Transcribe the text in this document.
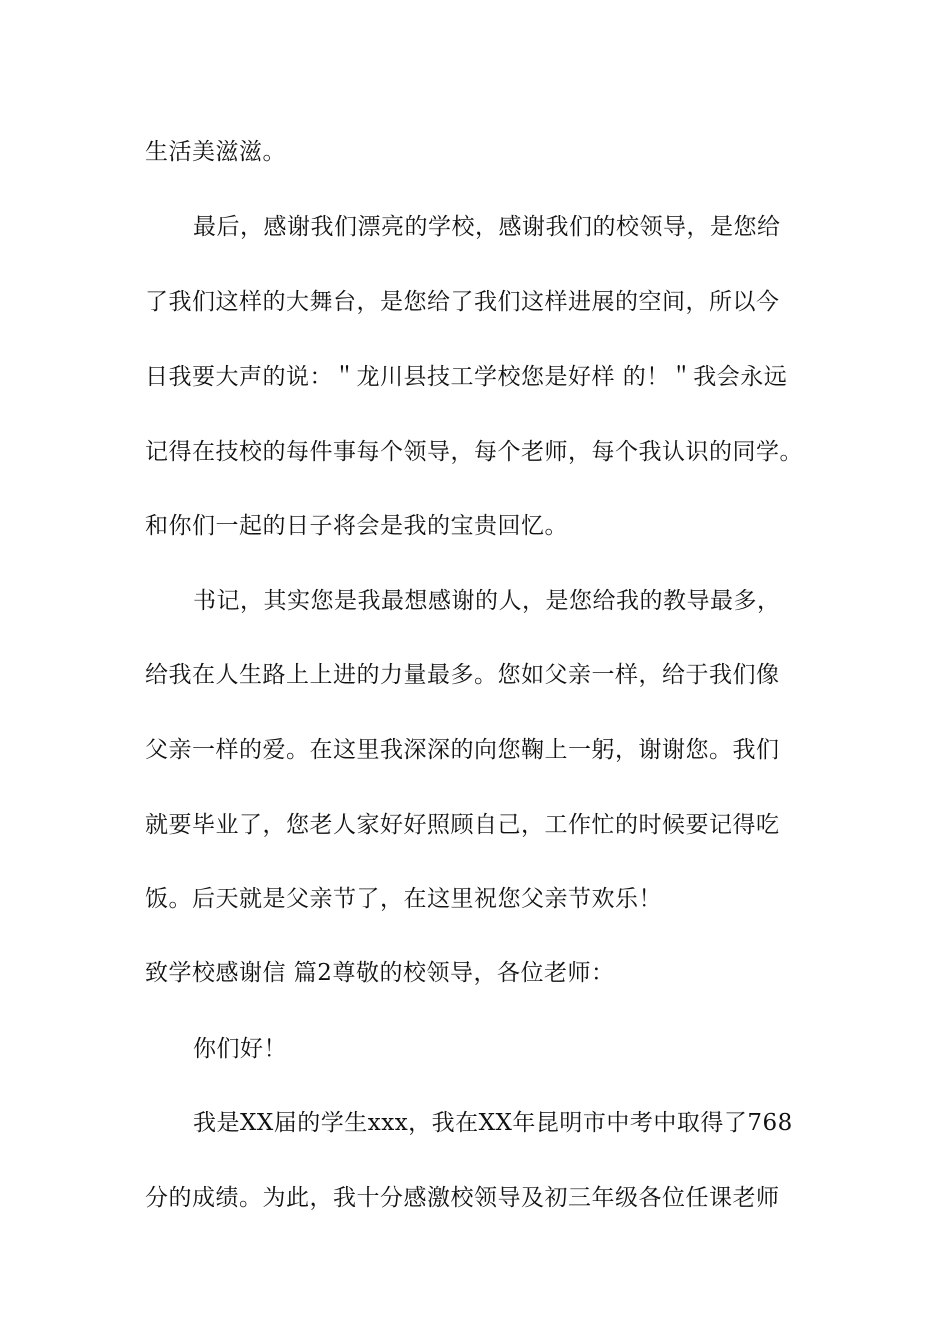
生活美滋滋。
最后，感谢我们漂亮的学校，感谢我们的校领导，是您给
了我们这样的大舞台，是您给了我们这样进展的空间，所以今
日我要大声的说：＂龙川县技工学校您是好样 的！＂我会永远
记得在技校的每件事每个领导，每个老师，每个我认识的同学。
和你们一起的日子将会是我的宝贵回忆。
书记，其实您是我最想感谢的人，是您给我的教导最多，
给我在人生路上上进的力量最多。您如父亲一样，给于我们像
父亲一样的爱。在这里我深深的向您鞠上一躬，谢谢您。我们
就要毕业了，您老人家好好照顾自己，工作忙的时候要记得吃
饭。后天就是父亲节了，在这里祝您父亲节欢乐！
致学校感谢信 篇2尊敬的校领导，各位老师：
你们好！
我是XX届的学生xxx，我在XX年昆明市中考中取得了768
分的成绩。为此，我十分感激校领导及初三年级各位任课老师
